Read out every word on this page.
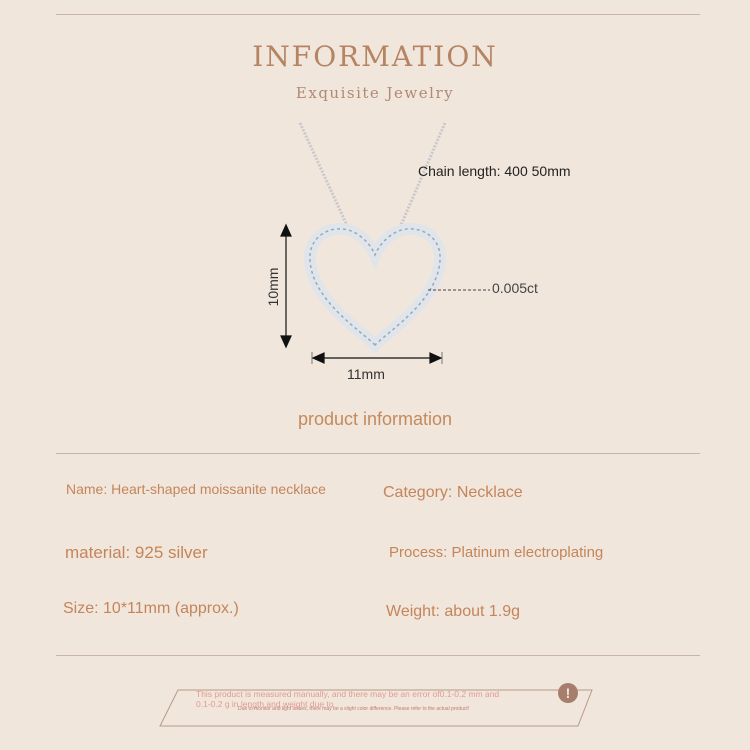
INFORMATION
Exquisite Jewelry
Chain length: 400 50mm
0.005ct
11mm
10mm
product information
Name: Heart-shaped moissanite necklace	Category: Necklace
material: 925 silver	Process: Platinum electroplating
Size: 10*11mm (approx.)	Weight: about 1.9g
This product is measured manually, and there may be an error of0.1-0.2 mm and
0.1-0.2 g in length and weight due to
Due to monitor and light issues, there may be a slight color difference. Please refer to the actual product!
!
